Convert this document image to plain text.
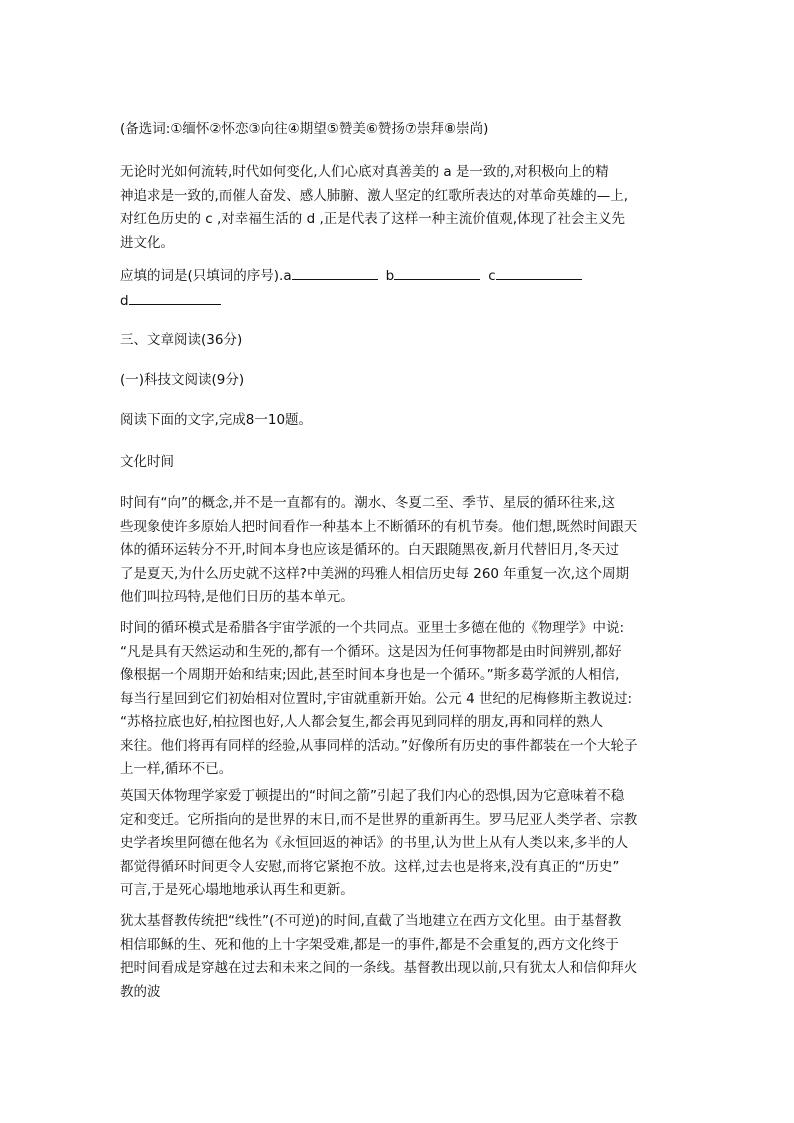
(备选词:①缅怀②怀恋③向往④期望⑤赞美⑥赞扬⑦崇拜⑧崇尚)

无论时光如何流转,时代如何变化,人们心底对真善美的 a 是一致的,对积极向上的精
神追求是一致的,而催人奋发、感人肺腑、激人坚定的红歌所表达的对革命英雄的—上,
对红色历史的 c ,对幸福生活的 d ,正是代表了这样一种主流价值观,体现了社会主义先
进文化。

应填的词是(只填词的序号).a	b	c
d

三、文章阅读(36分)

(一)科技文阅读(9分)

阅读下面的文字,完成8一10题。

文化时间

时间有“向”的概念,并不是一直都有的。潮水、冬夏二至、季节、星辰的循环往来,这
些现象使许多原始人把时间看作一种基本上不断循环的有机节奏。他们想,既然时间跟天
体的循环运转分不开,时间本身也应该是循环的。白天跟随黑夜,新月代替旧月,冬天过
了是夏天,为什么历史就不这样?中美洲的玛雅人相信历史每 260 年重复一次,这个周期
他们叫拉玛特,是他们日历的基本单元。

时间的循环模式是希腊各宇宙学派的一个共同点。亚里士多德在他的《物理学》中说:
“凡是具有天然运动和生死的,都有一个循环。这是因为任何事物都是由时间辨别,都好
像根据一个周期开始和结束;因此,甚至时间本身也是一个循环。”斯多葛学派的人相信,
每当行星回到它们初始相对位置时,宇宙就重新开始。公元 4 世纪的尼梅修斯主教说过:
“苏格拉底也好,柏拉图也好,人人都会复生,都会再见到同样的朋友,再和同样的熟人
来往。他们将再有同样的经验,从事同样的活动。”好像所有历史的事件都装在一个大轮子
上一样,循环不已。

英国天体物理学家爱丁顿提出的“时间之箭”引起了我们内心的恐惧,因为它意味着不稳
定和变迁。它所指向的是世界的末日,而不是世界的重新再生。罗马尼亚人类学者、宗教
史学者埃里阿德在他名为《永恒回返的神话》的书里,认为世上从有人类以来,多半的人
都觉得循环时间更令人安慰,而将它紧抱不放。这样,过去也是将来,没有真正的“历史”
可言,于是死心塌地地承认再生和更新。

犹太基督教传统把“线性”(不可逆)的时间,直截了当地建立在西方文化里。由于基督教
相信耶稣的生、死和他的上十字架受难,都是一的事件,都是不会重复的,西方文化终于
把时间看成是穿越在过去和未来之间的一条线。基督教出现以前,只有犹太人和信仰拜火
教的波
